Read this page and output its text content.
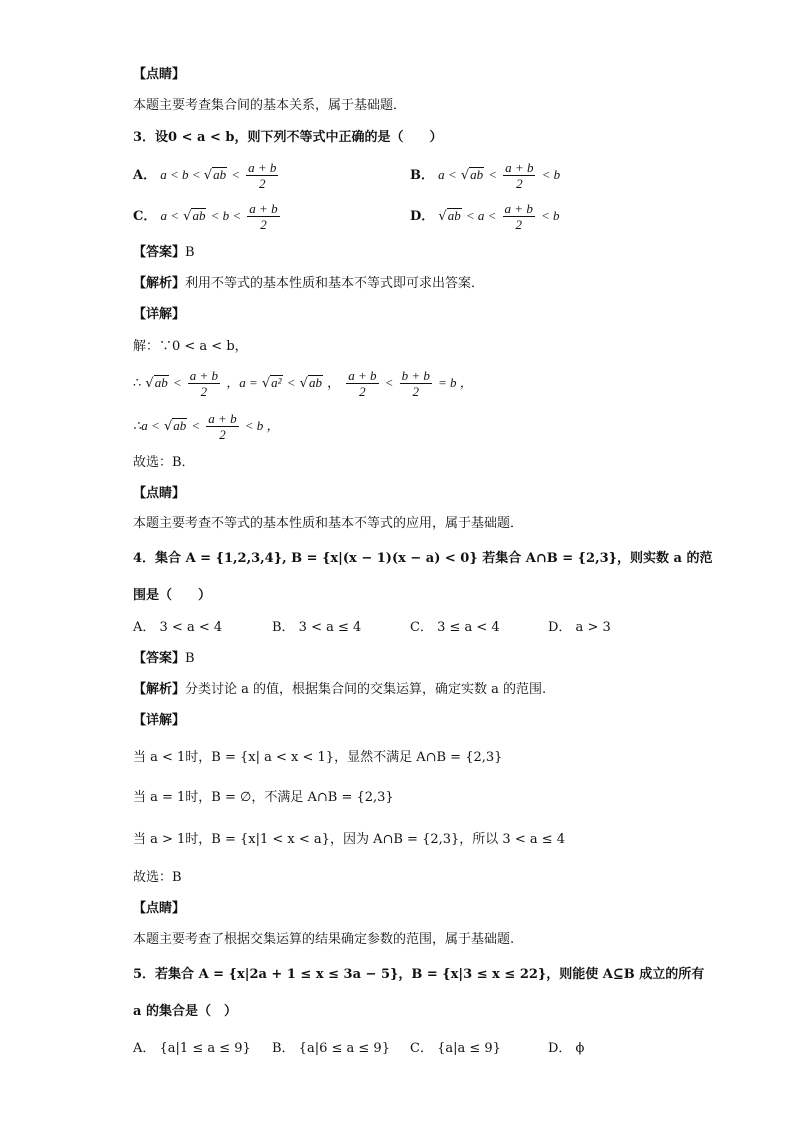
【点睛】
本题主要考查集合间的基本关系，属于基础题．
3．设0 < a < b，则下列不等式中正确的是（　　）
A． $a < b < √ab < \frac{a + b}{2}$	B． $a < √ab < \frac{a + b}{2} < b$
C． $a < √ab < b < \frac{a + b}{2}$	D． $√ab < a < \frac{a + b}{2} < b$
【答案】B
【解析】利用不等式的基本性质和基本不等式即可求出答案．
【详解】
解：∵0 < a < b，
∴ $√ab < \frac{a + b}{2}$ ，a = √a² < √ab ， $\frac{a + b}{2} < \frac{b + b}{2} = b$ ，
∴a < $√ab < \frac{a + b}{2} < b$ ，
故选：B．
【点睛】
本题主要考查不等式的基本性质和基本不等式的应用，属于基础题．
4．集合 A = {1,2,3,4}, B = {x|(x − 1)(x − a) < 0} 若集合 A∩B = {2,3}，则实数 a 的范
围是（　　）
A． 3 < a < 4	B． 3 < a ≤ 4	C． 3 ≤ a < 4	D． a > 3
【答案】B
【解析】分类讨论 a 的值，根据集合间的交集运算，确定实数 a 的范围.
【详解】
当 a < 1时，B = {x| a < x < 1}，显然不满足 A∩B = {2,3}
当 a = 1时，B = ∅，不满足 A∩B = {2,3}
当 a > 1时，B = {x|1 < x < a}，因为 A∩B = {2,3}，所以 3 < a ≤ 4
故选：B
【点睛】
本题主要考查了根据交集运算的结果确定参数的范围，属于基础题.
5．若集合 A = {x|2a + 1 ≤ x ≤ 3a − 5}，B = {x|3 ≤ x ≤ 22}，则能使 A⊆B 成立的所有
a 的集合是（　）
A． {a|1 ≤ a ≤ 9} B． {a|6 ≤ a ≤ 9} C． {a|a ≤ 9}	D． ϕ
